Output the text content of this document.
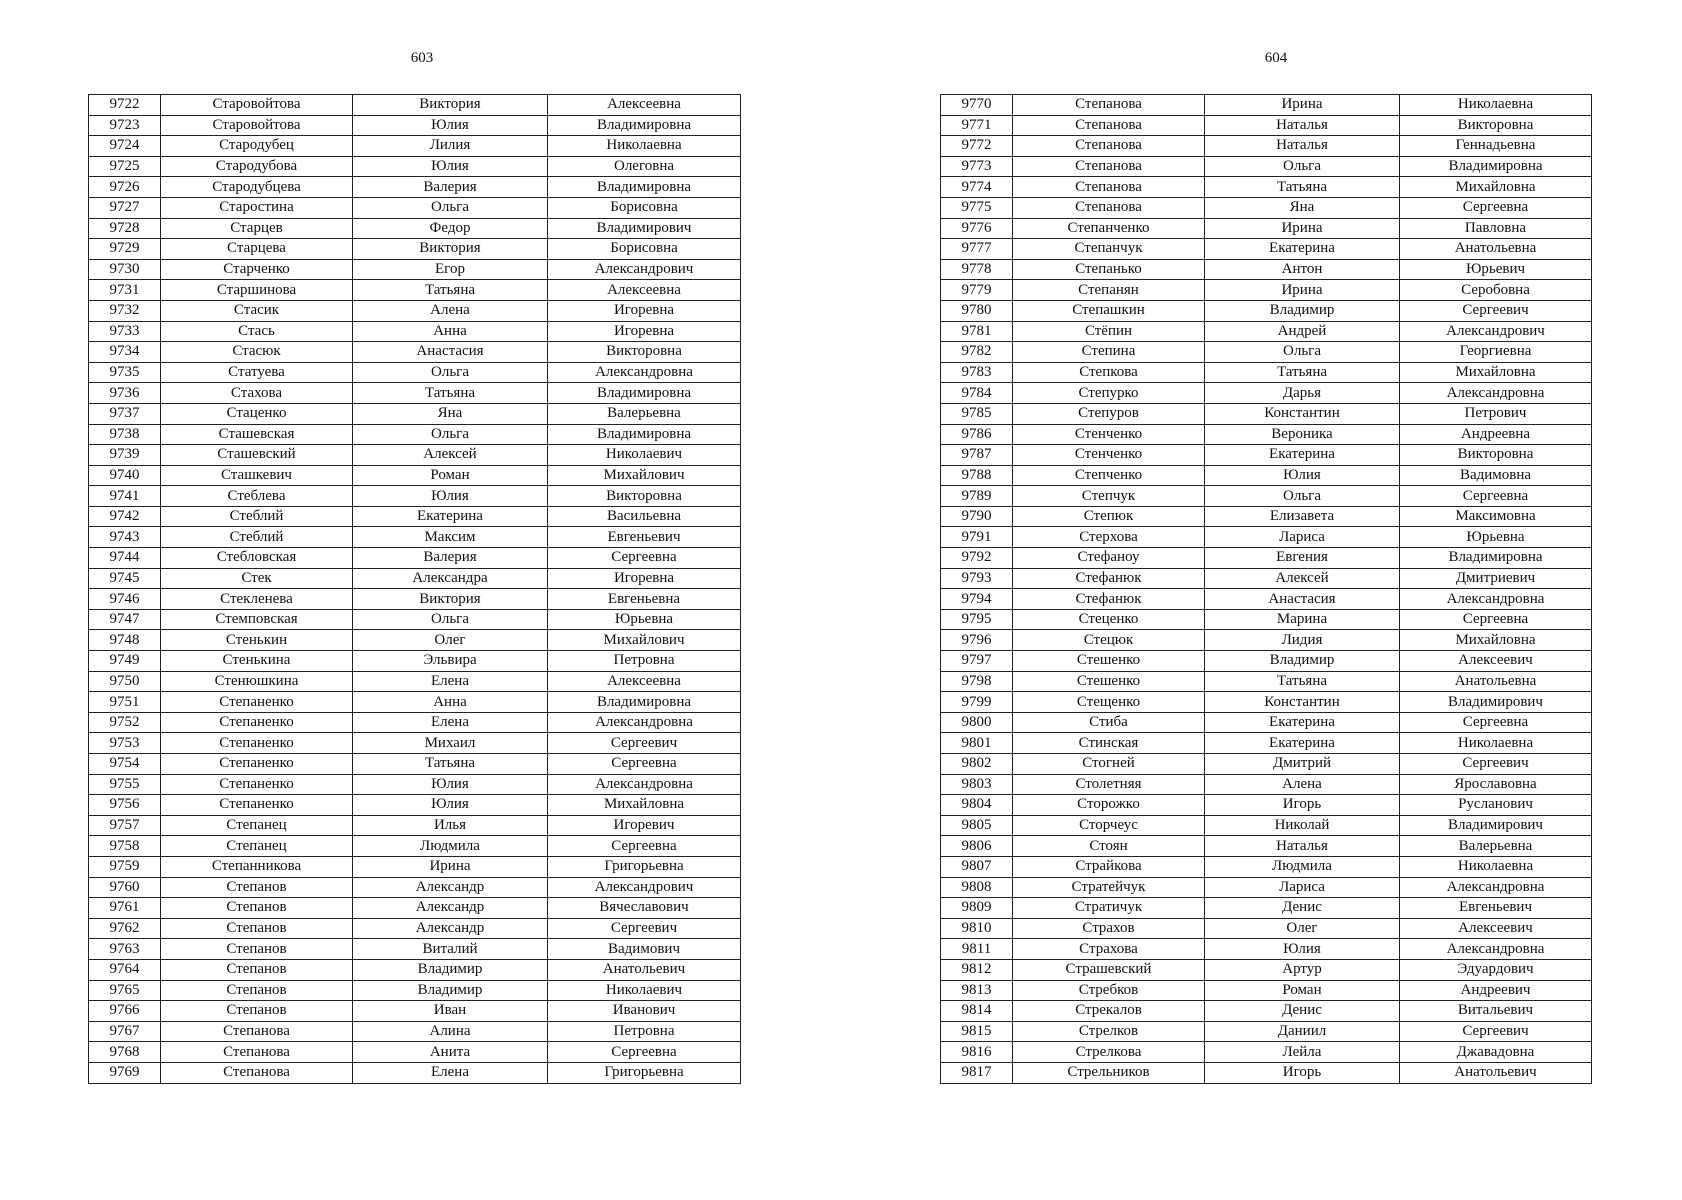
603	604
9722	Старовойтова	Виктория	Алексеевна
9723	Старовойтова	Юлия	Владимировна
9724	Стародубец	Лилия	Николаевна
9725	Стародубова	Юлия	Олеговна
9726	Стародубцева	Валерия	Владимировна
9727	Старостина	Ольга	Борисовна
9728	Старцев	Федор	Владимирович
9729	Старцева	Виктория	Борисовна
9730	Старченко	Егор	Александрович
9731	Старшинова	Татьяна	Алексеевна
9732	Стасик	Алена	Игоревна
9733	Стась	Анна	Игоревна
9734	Стасюк	Анастасия	Викторовна
9735	Статуева	Ольга	Александровна
9736	Стахова	Татьяна	Владимировна
9737	Стаценко	Яна	Валерьевна
9738	Сташевская	Ольга	Владимировна
9739	Сташевский	Алексей	Николаевич
9740	Сташкевич	Роман	Михайлович
9741	Стеблева	Юлия	Викторовна
9742	Стеблий	Екатерина	Васильевна
9743	Стеблий	Максим	Евгеньевич
9744	Стебловская	Валерия	Сергеевна
9745	Стек	Александра	Игоревна
9746	Стекленева	Виктория	Евгеньевна
9747	Стемповская	Ольга	Юрьевна
9748	Стенькин	Олег	Михайлович
9749	Стенькина	Эльвира	Петровна
9750	Стенюшкина	Елена	Алексеевна
9751	Степаненко	Анна	Владимировна
9752	Степаненко	Елена	Александровна
9753	Степаненко	Михаил	Сергеевич
9754	Степаненко	Татьяна	Сергеевна
9755	Степаненко	Юлия	Александровна
9756	Степаненко	Юлия	Михайловна
9757	Степанец	Илья	Игоревич
9758	Степанец	Людмила	Сергеевна
9759	Степанникова	Ирина	Григорьевна
9760	Степанов	Александр	Александрович
9761	Степанов	Александр	Вячеславович
9762	Степанов	Александр	Сергеевич
9763	Степанов	Виталий	Вадимович
9764	Степанов	Владимир	Анатольевич
9765	Степанов	Владимир	Николаевич
9766	Степанов	Иван	Иванович
9767	Степанова	Алина	Петровна
9768	Степанова	Анита	Сергеевна
9769	Степанова	Елена	Григорьевна
9770	Степанова	Ирина	Николаевна
9771	Степанова	Наталья	Викторовна
9772	Степанова	Наталья	Геннадьевна
9773	Степанова	Ольга	Владимировна
9774	Степанова	Татьяна	Михайловна
9775	Степанова	Яна	Сергеевна
9776	Степанченко	Ирина	Павловна
9777	Степанчук	Екатерина	Анатольевна
9778	Степанько	Антон	Юрьевич
9779	Степанян	Ирина	Серобовна
9780	Степашкин	Владимир	Сергеевич
9781	Стёпин	Андрей	Александрович
9782	Степина	Ольга	Георгиевна
9783	Степкова	Татьяна	Михайловна
9784	Степурко	Дарья	Александровна
9785	Степуров	Константин	Петрович
9786	Стенченко	Вероника	Андреевна
9787	Стенченко	Екатерина	Викторовна
9788	Степченко	Юлия	Вадимовна
9789	Степчук	Ольга	Сергеевна
9790	Степюк	Елизавета	Максимовна
9791	Стерхова	Лариса	Юрьевна
9792	Стефаноу	Евгения	Владимировна
9793	Стефанюк	Алексей	Дмитриевич
9794	Стефанюк	Анастасия	Александровна
9795	Стеценко	Марина	Сергеевна
9796	Стецюк	Лидия	Михайловна
9797	Стешенко	Владимир	Алексеевич
9798	Стешенко	Татьяна	Анатольевна
9799	Стещенко	Константин	Владимирович
9800	Стиба	Екатерина	Сергеевна
9801	Стинская	Екатерина	Николаевна
9802	Стогней	Дмитрий	Сергеевич
9803	Столетняя	Алена	Ярославовна
9804	Сторожко	Игорь	Русланович
9805	Сторчеус	Николай	Владимирович
9806	Стоян	Наталья	Валерьевна
9807	Страйкова	Людмила	Николаевна
9808	Стратейчук	Лариса	Александровна
9809	Стратичук	Денис	Евгеньевич
9810	Страхов	Олег	Алексеевич
9811	Страхова	Юлия	Александровна
9812	Страшевский	Артур	Эдуардович
9813	Стребков	Роман	Андреевич
9814	Стрекалов	Денис	Витальевич
9815	Стрелков	Даниил	Сергеевич
9816	Стрелкова	Лейла	Джавадовна
9817	Стрельников	Игорь	Анатольевич
